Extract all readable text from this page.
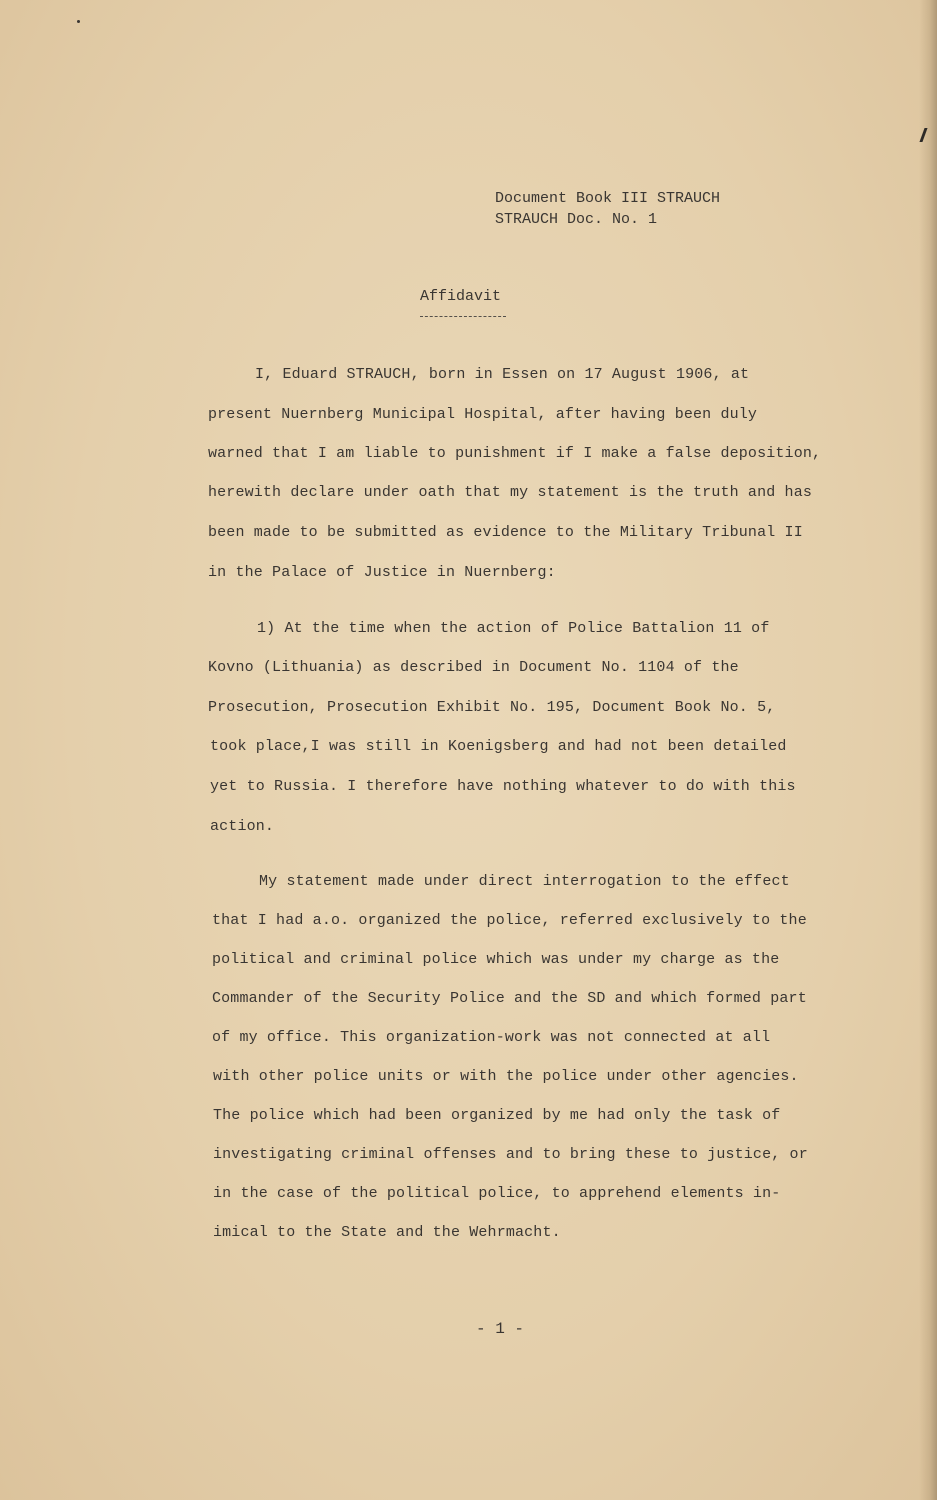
Document Book III STRAUCH
STRAUCH Doc. No. 1
Affidavit
I, Eduard STRAUCH, born in Essen on 17 August 1906, at
present Nuernberg Municipal Hospital, after having been duly
warned that I am liable to punishment if I make a false deposition,
herewith declare under oath that my statement is the truth and has
been made to be submitted as evidence to the Military Tribunal II
in the Palace of Justice in Nuernberg:
1) At the time when the action of Police Battalion 11 of
Kovno (Lithuania) as described in Document No. 1104 of the
Prosecution, Prosecution Exhibit No. 195, Document Book No. 5,
took place,I was still in Koenigsberg and had not been detailed
yet to Russia. I therefore have nothing whatever to do with this
action.
My statement made under direct interrogation to the effect
that I had a.o. organized the police, referred exclusively to the
political and criminal police which was under my charge as the
Commander of the Security Police and the SD and which formed part
of my office. This organization-work was not connected at all
with other police units or with the police under other agencies.
The police which had been organized by me had only the task of
investigating criminal offenses and to bring these to justice, or
in the case of the political police, to apprehend elements in-
imical to the State and the Wehrmacht.
- 1 -
